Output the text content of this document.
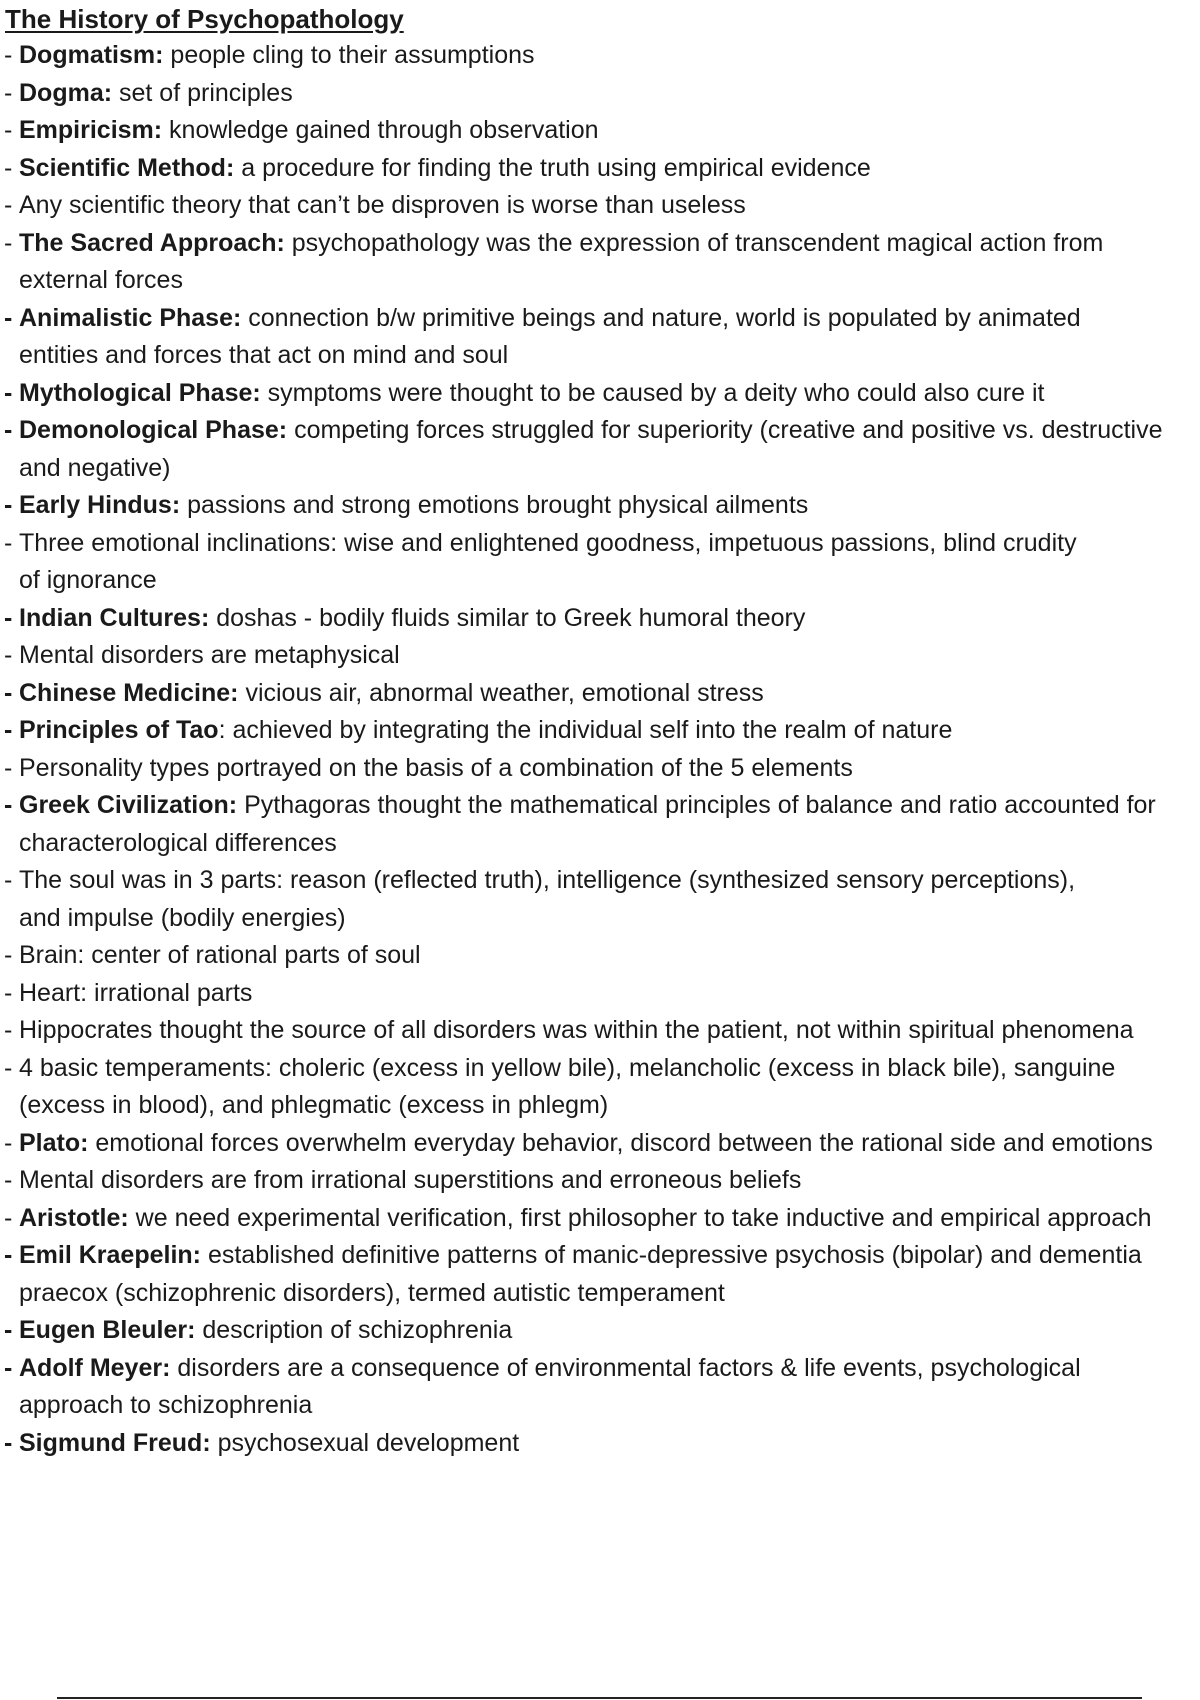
The History of Psychopathology
- Dogmatism: people cling to their assumptions
- Dogma: set of principles
- Empiricism: knowledge gained through observation
- Scientific Method: a procedure for finding the truth using empirical evidence
- Any scientific theory that can’t be disproven is worse than useless
- The Sacred Approach: psychopathology was the expression of transcendent magical action from external forces
- Animalistic Phase: connection b/w primitive beings and nature, world is populated by animated
entities and forces that act on mind and soul
- Mythological Phase: symptoms were thought to be caused by a deity who could also cure it
- Demonological Phase: competing forces struggled for superiority (creative and positive vs. destructive and negative)
- Early Hindus: passions and strong emotions brought physical ailments
- Three emotional inclinations: wise and enlightened goodness, impetuous passions, blind crudity
of ignorance
- Indian Cultures: doshas - bodily fluids similar to Greek humoral theory
- Mental disorders are metaphysical
- Chinese Medicine: vicious air, abnormal weather, emotional stress
- Principles of Tao: achieved by integrating the individual self into the realm of nature
- Personality types portrayed on the basis of a combination of the 5 elements
- Greek Civilization: Pythagoras thought the mathematical principles of balance and ratio accounted for characterological differences
- The soul was in 3 parts: reason (reflected truth), intelligence (synthesized sensory perceptions),
and impulse (bodily energies)
- Brain: center of rational parts of soul
- Heart: irrational parts
- Hippocrates thought the source of all disorders was within the patient, not within spiritual phenomena
- 4 basic temperaments: choleric (excess in yellow bile), melancholic (excess in black bile), sanguine (excess in blood), and phlegmatic (excess in phlegm)
- Plato: emotional forces overwhelm everyday behavior, discord between the rational side and emotions
- Mental disorders are from irrational superstitions and erroneous beliefs
- Aristotle: we need experimental verification, first philosopher to take inductive and empirical approach
- Emil Kraepelin: established definitive patterns of manic-depressive psychosis (bipolar) and dementia praecox (schizophrenic disorders), termed autistic temperament
- Eugen Bleuler: description of schizophrenia
- Adolf Meyer: disorders are a consequence of environmental factors & life events, psychological
approach to schizophrenia
- Sigmund Freud: psychosexual development
